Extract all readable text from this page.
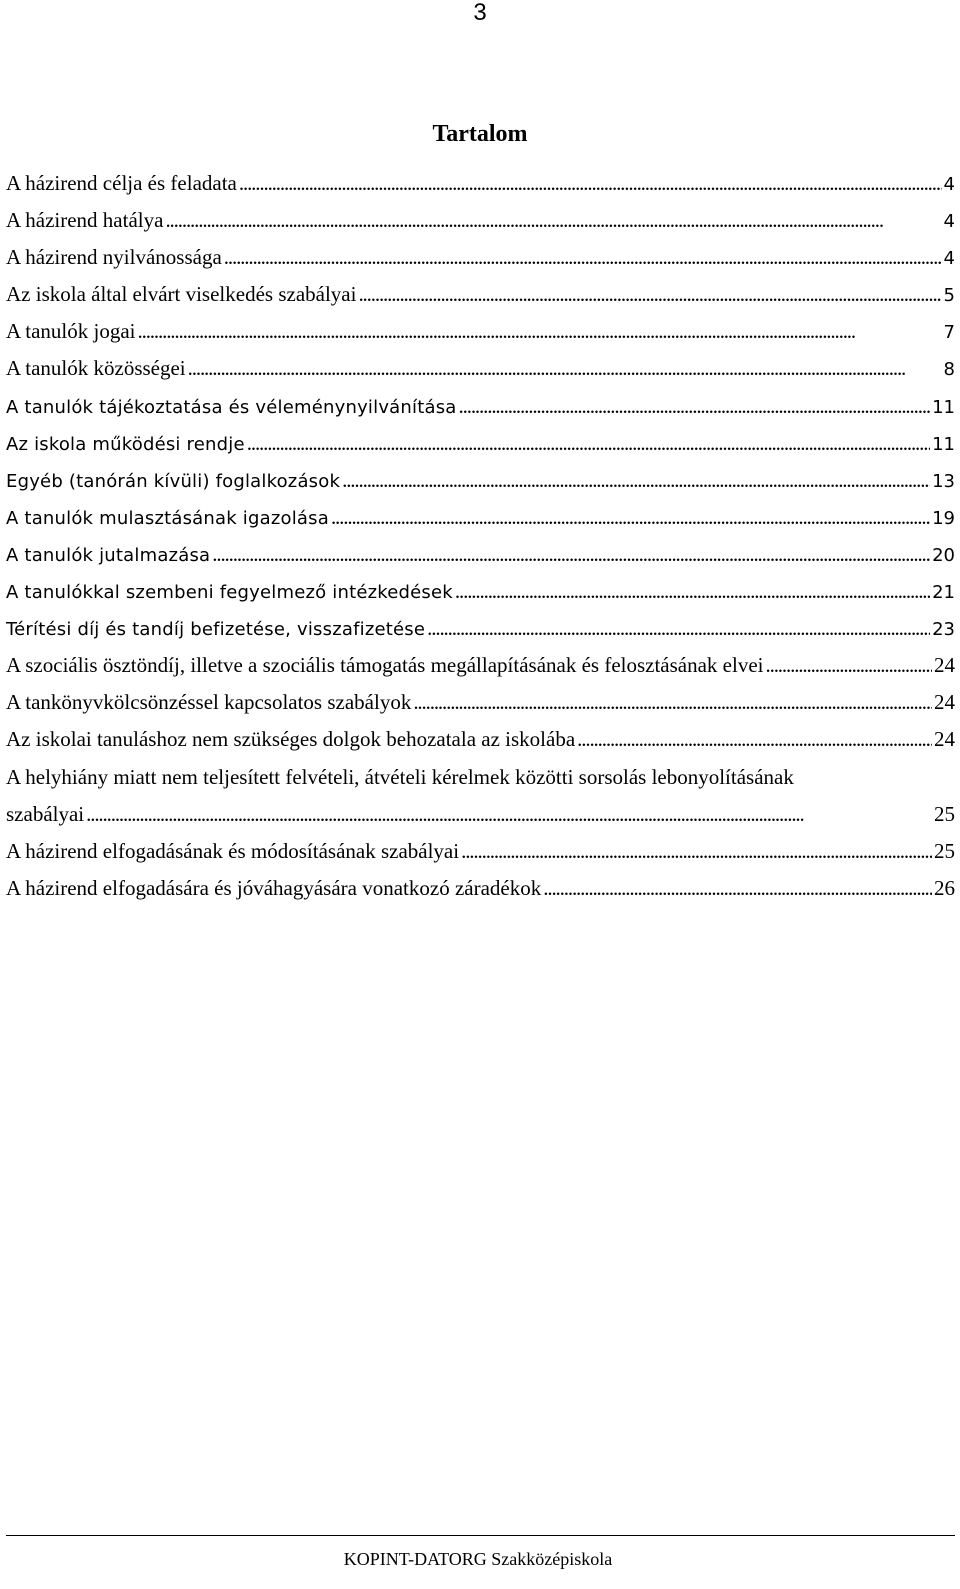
3
Tartalom
A házirend célja és feladata . . .	4
A házirend hatálya . . .	4
A házirend nyilvánossága . . .	4
Az iskola által elvárt viselkedés szabályai . . .	5
A tanulók jogai . . .	7
A tanulók közösségei . . .	8
A tanulók tájékoztatása és véleménynyilvánítása . . .	11
Az iskola működési rendje . . .	11
Egyéb (tanórán kívüli) foglalkozások . . .	13
A tanulók mulasztásának igazolása . . .	19
A tanulók jutalmazása . . .	20
A tanulókkal szembeni fegyelmező intézkedések . . .	21
Térítési díj és tandíj befizetése, visszafizetése . . .	23
A szociális ösztöndíj, illetve a szociális támogatás megállapításának és felosztásának elvei . . .	24
A tankönyvkölcsönzéssel kapcsolatos szabályok . . .	24
Az iskolai tanuláshoz nem szükséges dolgok behozatala az iskolába . . .	24
A helyhiány miatt nem teljesített felvételi, átvételi kérelmek közötti sorsolás lebonyolításának
szabályai . . .	25
A házirend elfogadásának és módosításának szabályai . . .	25
A házirend elfogadására és jóváhagyására vonatkozó záradékok . . .	26
KOPINT-DATORG Szakközépiskola
